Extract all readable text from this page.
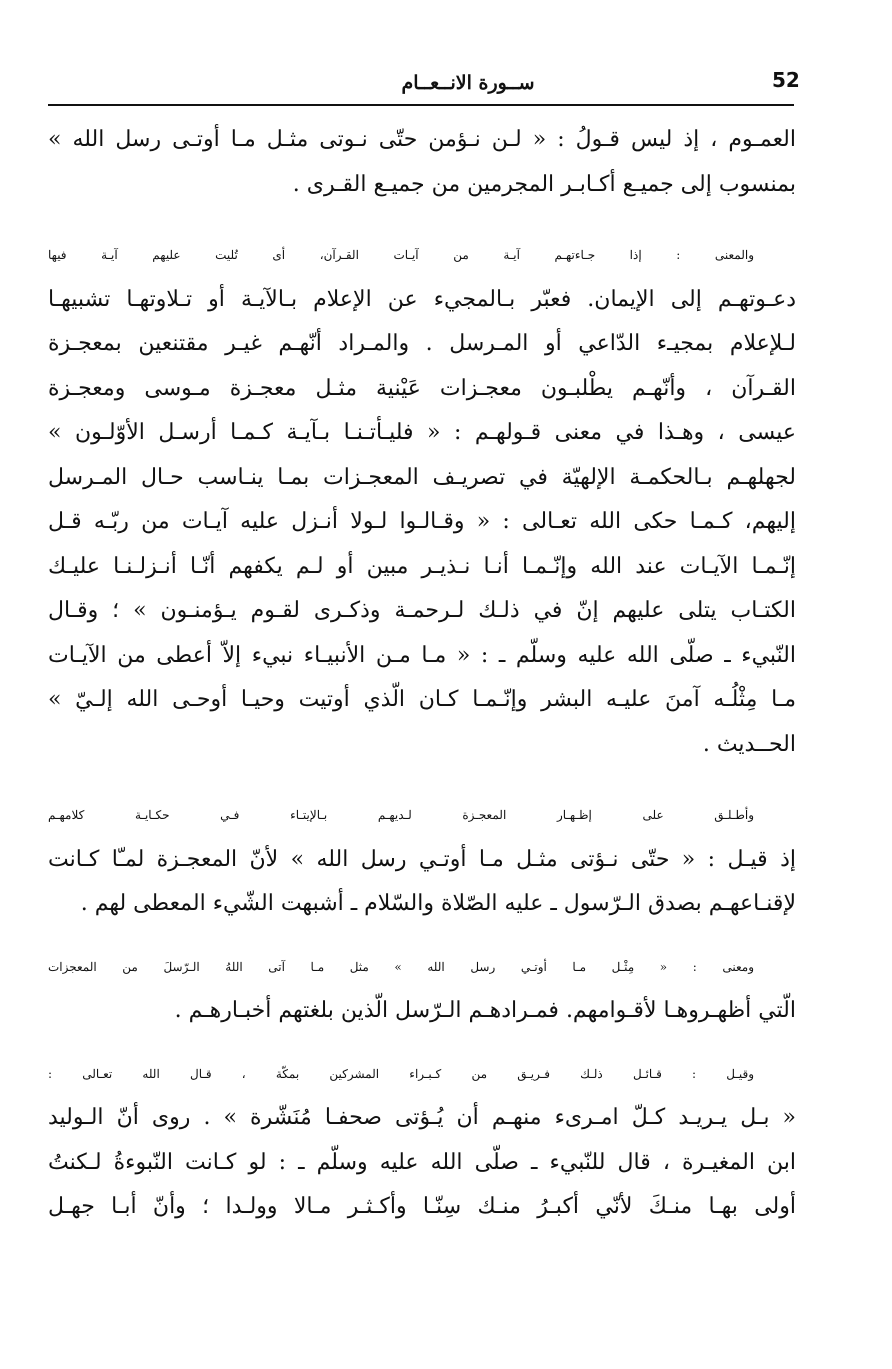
52
ســورة الانــعــام
العمـوم ، إذ ليس قـولُ : « لـن نـؤمن حتّى نـوتى مثـل مـا أوتـى رسل الله »
بمنسوب إلى جميـع أكـابـر المجرمين من جميـع القـرى .
والمعنى : إذا جـاءتهـم آيـة من آيـات القـرآن، أى تُليت عليهم آيـة فيها
دعـوتهـم إلى الإيمان. فعبّر بـالمجيء عن الإعلام بـالآيـة أو تـلاوتهـا تشبيهـا
لـلإعلام بمجيـء الدّاعي أو المـرسل . والمـراد أنّهـم غيـر مقتنعين بمعجـزة
القـرآن ، وأنّهـم يطْلبـون معجـزات عَيْنية مثـل معجـزة مـوسى ومعجـزة
عيسى ، وهـذا في معنى قـولهـم : « فليـأتـنـا بـآيـة كـمـا أرسـل الأوّلـون »
لجهلهـم بـالحكمـة الإلهيّة في تصريـف المعجـزات بمـا ينـاسب حـال المـرسل
إليهم، كـمـا حكى الله تعـالى : « وقـالـوا لـولا أنـزل عليه آيـات من ربّـه قـل
إنّـمـا الآيـات عند الله وإنّـمـا أنـا نـذيـر مبين أو لـم يكفهم أنّـا أنـزلـنـا عليـك
الكتـاب يتلى عليهم إنّ في ذلـك لـرحمـة وذكـرى لقـوم يـؤمنـون » ؛ وقـال
النّبيء ـ صلّى الله عليه وسلّم ـ : « مـا مـن الأنبيـاء نبيء إلاّ أعطى من الآيـات
مـا مِثْلُـه آمنَ عليـه البشر وإنّـمـا كـان الّذي أوتيت وحيـا أوحـى الله إلـيّ »
الحــديث .
وأطـلـق على إظـهـار المعجـزة لـديهـم بـالإيتـاء فـي حكـايـة كلامهـم
إذ قيـل : « حتّى نـؤتى مثـل مـا أوتـي رسل الله » لأنّ المعجـزة لمـّا كـانت
لإقنـاعهـم بصدق الـرّسول ـ عليه الصّلاة والسّلام ـ أشبهت الشّيء المعطى لهم .
ومعنى : « مِثْـل مـا أوتـي رسل الله » مثل مـا آتى اللهُ الـرّسلَ من المعجزات
الّتي أظهـروهـا لأقـوامهم. فمـرادهـم الـرّسل الّذين بلغتهم أخبـارهـم .
وقيـل : قـائـل ذلـك فـريـق من كـبـراء المشركين بمكّة ، قـال الله تعـالى :
« بـل يـريـد كـلّ امـرىء منهـم أن يُـؤتى صحفـا مُنَشّرة » . روى أنّ الـوليد
ابن المغيـرة ، قال للنّبيء ـ صلّى الله عليه وسلّم ـ : لو كـانت النّبوءةُ لـكنتُ
أولى بهـا منـكَ لأنّي أكبـرُ منـك سِنّـا وأكـثـر مـالا وولـدا ؛ وأنّ أبـا جهـل
